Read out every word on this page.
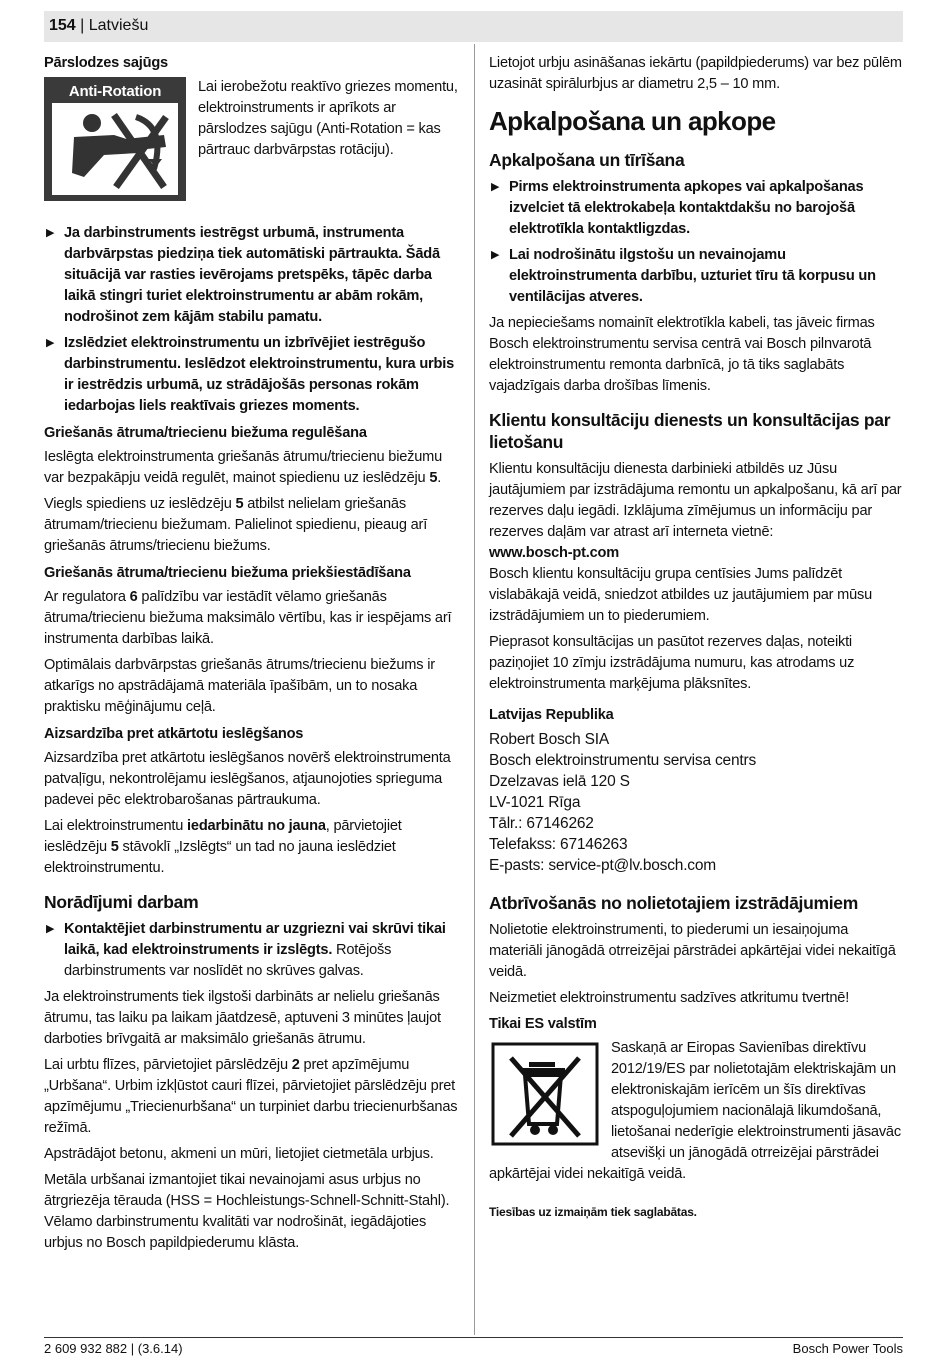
154 | Latviešu
Pārslodzes sajūgs
Anti-Rotation	Lai ierobežotu reaktīvo griezes momentu, elektroinstruments ir aprīkots ar pārslodzes sajūgu (Anti-Rotation = kas pārtrauc darbvārpstas rotāciju).

▶ Ja darbinstruments iestrēgst urbumā, instrumenta darbvārpstas piedziņa tiek automātiski pārtraukta. Šādā situācijā var rasties ievērojams pretspēks, tāpēc darba laikā stingri turiet elektroinstrumentu ar abām rokām, nodrošinot zem kājām stabilu pamatu.
▶ Izslēdziet elektroinstrumentu un izbrīvējiet iestrēgušo darbinstrumentu. Ieslēdzot elektroinstrumentu, kura urbis ir iestrēdzis urbumā, uz strādājošās personas rokām iedarbojas liels reaktīvais griezes moments.
Griešanās ātruma/triecienu biežuma regulēšana

Ieslēgta elektroinstrumenta griešanās ātrumu/triecienu biežumu var bezpakāpju veidā regulēt, mainot spiedienu uz ieslēdzēju 5.

Viegls spiediens uz ieslēdzēju 5 atbilst nelielam griešanās ātrumam/triecienu biežumam. Palielinot spiedienu, pieaug arī griešanās ātrums/triecienu biežums.

Griešanās ātruma/triecienu biežuma priekšiestādīšana

Ar regulatora 6 palīdzību var iestādīt vēlamo griešanās ātruma/triecienu biežuma maksimālo vērtību, kas ir iespējams arī instrumenta darbības laikā.

Optimālais darbvārpstas griešanās ātrums/triecienu biežums ir atkarīgs no apstrādājamā materiāla īpašībām, un to nosaka praktisku mēģinājumu ceļā.

Aizsardzība pret atkārtotu ieslēgšanos

Aizsardzība pret atkārtotu ieslēgšanos novērš elektroinstrumenta patvaļīgu, nekontrolējamu ieslēgšanos, atjaunojoties spriegumа padevei pēc elektrobarošanas pārtraukuma.

Lai elektroinstrumentu iedarbinātu no jauna, pārvietojiet ieslēdzēju 5 stāvoklī „Izslēgts“ un tad no jauna ieslēdziet elektroinstrumentu.

Norādījumi darbam
▶ Kontaktējiet darbinstrumentu ar uzgriezni vai skrūvi tikai laikā, kad elektroinstruments ir izslēgts. Rotējošs darbinstruments var noslīdēt no skrūves galvas.

Ja elektroinstruments tiek ilgstoši darbināts ar nelielu griešanās ātrumu, tas laiku pa laikam jāatdzesē, aptuveni 3 minūtes ļaujot darboties brīvgaitā ar maksimālo griešanās ātrumu.

Lai urbtu flīzes, pārvietojiet pārslēdzēju 2 pret apzīmējumu „Urbšana“. Urbim izkļūstot cauri flīzei, pārvietojiet pārslēdzēju pret apzīmējumu „Triecienurbšana“ un turpiniet darbu triecienurbšanas režīmā.

Apstrādājot betonu, akmeni un mūri, lietojiet cietmetāla urbjus.

Metāla urbšanai izmantojiet tikai nevainojami asus urbjus no ātrgriezēja tērauda (HSS = Hochleistungs-Schnell-Schnitt-Stahl). Vēlamo darbinstrumentu kvalitāti var nodrošināt, iegādājoties urbjus no Bosch papildpiederumu klāsta.

Lietojot urbju asināšanas iekārtu (papildpiederums) var bez pūlēm uzasināt spirālurbjus ar diametru 2,5 – 10 mm.

Apkalpošana un apkope
Apkalpošana un tīrīšana
▶ Pirms elektroinstrumenta apkopes vai apkalpošanas izvelciet tā elektrokabeļa kontaktdakšu no barojošā elektrotīkla kontaktligzdas.
▶ Lai nodrošinātu ilgstošu un nevainojamu elektroinstrumenta darbību, uzturiet tīru tā korpusu un ventilācijas atveres.

Ja nepieciešams nomainīt elektrotīkla kabeli, tas jāveic firmas Bosch elektroinstrumentu servisa centrā vai Bosch pilnvarotā elektroinstrumentu remonta darbnīcā, jo tā tiks saglabāts vajadzīgais darba drošības līmenis.

Klientu konsultāciju dienests un konsultācijas par lietošanu

Klientu konsultāciju dienesta darbinieki atbildēs uz Jūsu jautājumiem par izstrādājuma remontu un apkalpošanu, kā arī par rezerves daļu iegādi. Izklājuma zīmējumus un informāciju par rezerves daļām var atrast arī interneta vietnē:

www.bosch-pt.com

Bosch klientu konsultāciju grupa centīsies Jums palīdzēt vislabākajā veidā, sniedzot atbildes uz jautājumiem par mūsu izstrādājumiem un to piederumiem.

Pieprasot konsultācijas un pasūtot rezerves daļas, noteikti paziņojiet 10 zīmju izstrādājuma numuru, kas atrodams uz elektroinstrumenta marķējuma plāksnītes.

Latvijas Republika
Robert Bosch SIA
Bosch elektroinstrumentu servisa centrs
Dzelzavas ielā 120 S
LV-1021 Rīga
Tālr.: 67146262
Telefakss: 67146263
E-pasts: service-pt@lv.bosch.com
Atbrīvošanās no nolietotajiem izstrādājumiem

Nolietotie elektroinstrumenti, to piederumi un iesaiņojuma materiāli jānogādā otrreizējai pārstrādei apkārtējai videi nekaitīgā veidā.

Neizmetiet elektroinstrumentu sadzīves atkritumu tvertnē!

Tikai ES valstīm

Saskaņā ar Eiropas Savienības direktīvu 2012/19/ES par nolietotajām elektriskajām un elektroniskajām ierīcēm un šīs direktīvas atspoguļojumiem nacionālajā likumdošanā, lietošanai nederīgie elektroinstrumenti jāsavāc atsevišķi un jānogādā otrreizējai pārstrādei apkārtējai videi nekaitīgā veidā.

Tiesības uz izmaiņām tiek saglabātas.
2 609 932 882 | (3.6.14)	Bosch Power Tools
